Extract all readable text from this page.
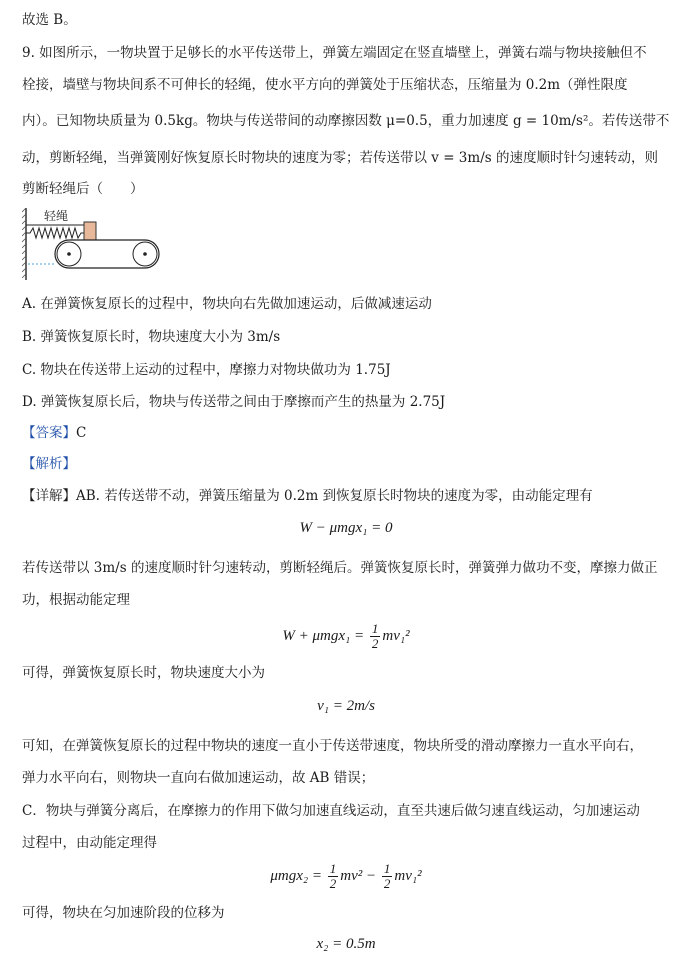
故选 B。
9. 如图所示，一物块置于足够长的水平传送带上，弹簧左端固定在竖直墙壁上，弹簧右端与物块接触但不
栓接，墙壁与物块间系不可伸长的轻绳，使水平方向的弹簧处于压缩状态，压缩量为 0.2m（弹性限度
内）。已知物块质量为 0.5kg。物块与传送带间的动摩擦因数 μ=0.5，重力加速度 g = 10m/s²。若传送带不
动，剪断轻绳，当弹簧刚好恢复原长时物块的速度为零；若传送带以 v = 3m/s 的速度顺时针匀速转动，则
剪断轻绳后（　　）
轻绳
A. 在弹簧恢复原长的过程中，物块向右先做加速运动，后做减速运动
B. 弹簧恢复原长时，物块速度大小为 3m/s
C. 物块在传送带上运动的过程中，摩擦力对物块做功为 1.75J
D. 弹簧恢复原长后，物块与传送带之间由于摩擦而产生的热量为 2.75J
【答案】C
【解析】
【详解】AB. 若传送带不动，弹簧压缩量为 0.2m 到恢复原长时物块的速度为零，由动能定理有
W − μmgx₁ = 0
若传送带以 3m/s 的速度顺时针匀速转动，剪断轻绳后。弹簧恢复原长时，弹簧弹力做功不变，摩擦力做正
功，根据动能定理
$W + \mu mgx_1 = \frac{1}{2} mv_1^2$
可得，弹簧恢复原长时，物块速度大小为
v₁ = 2m/s
可知，在弹簧恢复原长的过程中物块的速度一直小于传送带速度，物块所受的滑动摩擦力一直水平向右，
弹力水平向右，则物块一直向右做加速运动，故 AB 错误；
C．物块与弹簧分离后，在摩擦力的作用下做匀加速直线运动，直至共速后做匀速直线运动，匀加速运动
过程中，由动能定理得
$\mu mgx_2 = \frac{1}{2} mv^2 - \frac{1}{2} mv_1^2$
可得，物块在匀加速阶段的位移为
x₂ = 0.5m
